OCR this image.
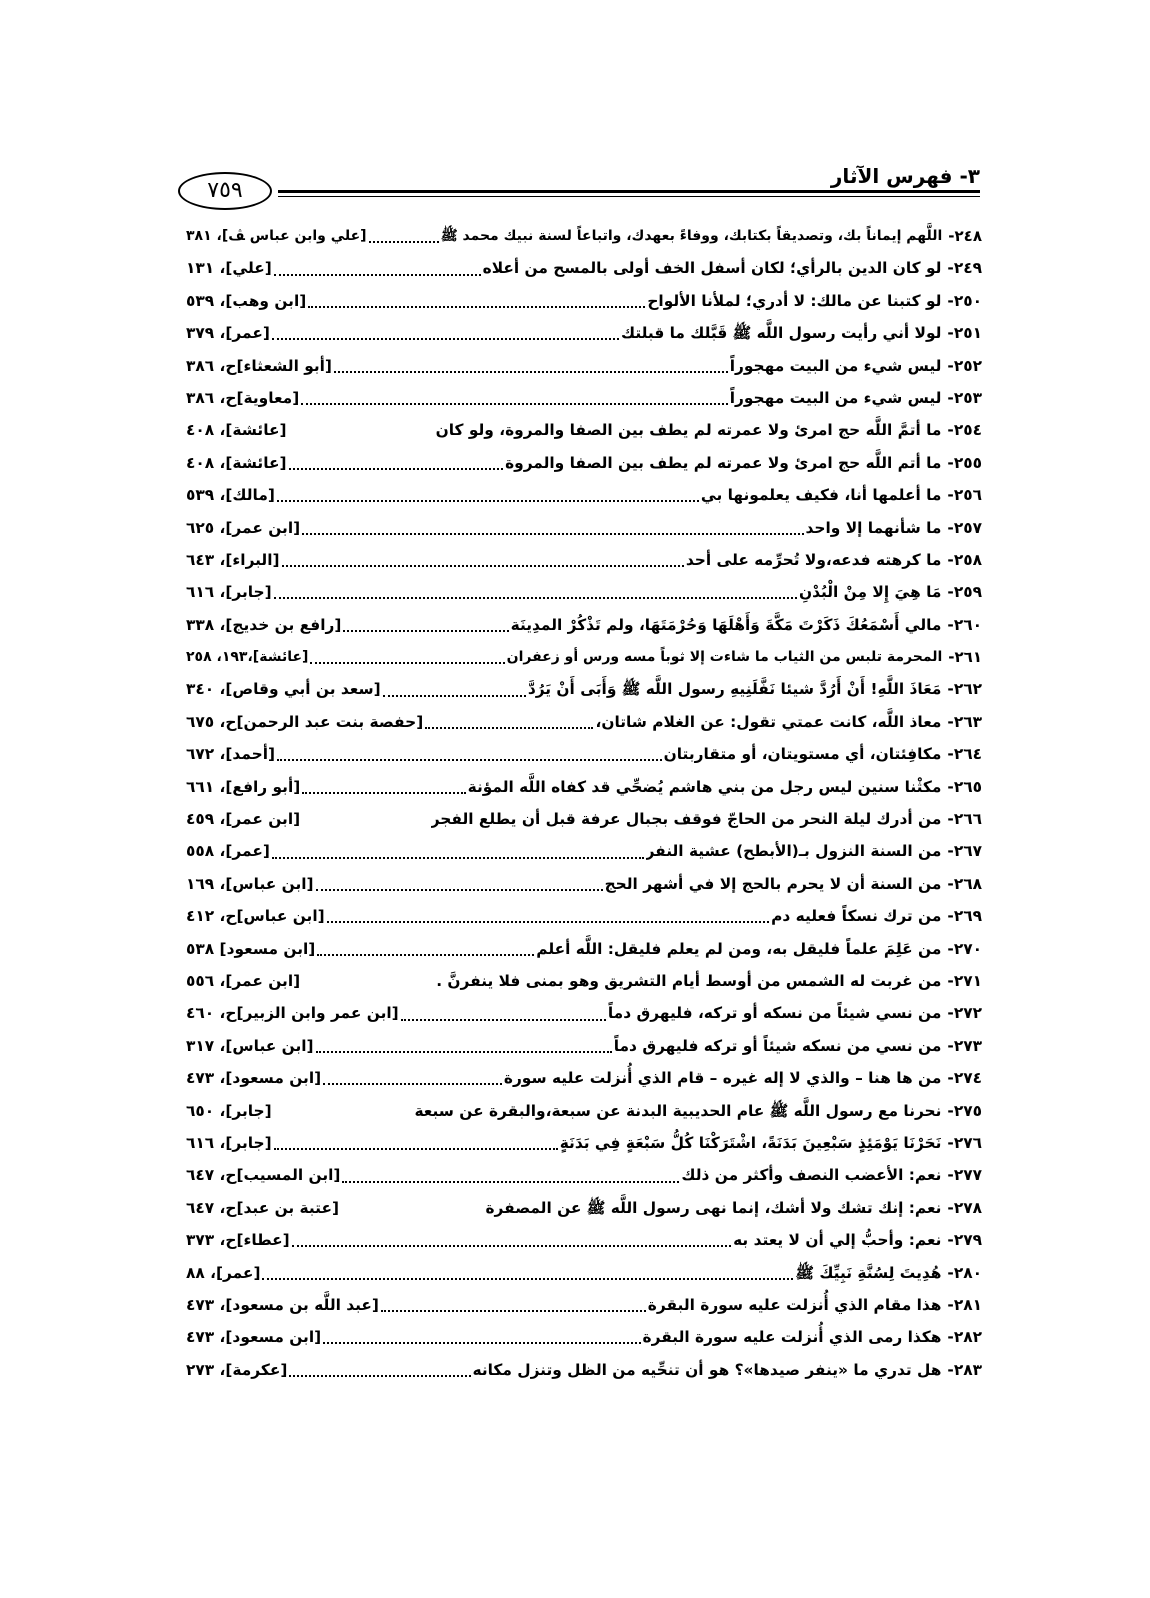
٣- فهرس الآثار
٧٥٩
٢٤٨-
اللَّهم إيماناً بك، وتصديقاً بكتابك، ووفاءً بعهدك، واتباعاً لسنة نبيك محمد ﷺ
[علي وابن عباس ﭫ]، ٣٨١
٢٤٩-
لو كان الدين بالرأي؛ لكان أسفل الخف أولى بالمسح من أعلاه
[علي]، ١٣١
٢٥٠-
لو كتبنا عن مالك: لا أدري؛ لملأنا الألواح
[ابن وهب]، ٥٣٩
٢٥١-
لولا أني رأيت رسول اللَّه ﷺ قَبَّلك ما قبلتك
[عمر]، ٣٧٩
٢٥٢-
ليس شيء من البيت مهجوراً
[أبو الشعثاء]ح، ٣٨٦
٢٥٣-
ليس شيء من البيت مهجوراً
[معاوية]ح، ٣٨٦
٢٥٤-
ما أتمَّ اللَّه حج امرئ ولا عمرته لم يطف بين الصفا والمروة، ولو كان
[عائشة]، ٤٠٨
٢٥٥-
ما أتم اللَّه حج امرئ ولا عمرته لم يطف بين الصفا والمروة
[عائشة]، ٤٠٨
٢٥٦-
ما أعلمها أنا، فكيف يعلمونها بي
[مالك]، ٥٣٩
٢٥٧-
ما شأنهما إلا واحد
[ابن عمر]، ٦٢٥
٢٥٨-
ما كرهته فدعه،ولا تُحرِّمه على أحد
[البراء]، ٦٤٣
٢٥٩-
مَا هِيَ إِلا مِنْ الْبُدْنِ
[جابر]، ٦١٦
٢٦٠-
مالي أَسْمَعُكَ ذَكَرْتَ مَكَّةَ وَأَهْلَهَا وَحُرْمَتَهَا، ولم تَذْكُرْ المدِينَة
[رافع بن خديج]، ٣٣٨
٢٦١-
المحرمة تلبس من الثياب ما شاءت إلا ثوباً مسه ورس أو زعفران
[عائشة]،١٩٣، ٢٥٨
٢٦٢-
مَعَاذَ اللَّهِ! أَنْ أَرُدَّ شيئا نَفَّلَنِيهِ رسول اللَّه ﷺ وَأَبَى أَنْ يَرُدَّ
[سعد بن أبي وقاص]، ٣٤٠
٢٦٣-
معاذ اللَّه، كانت عمتي تقول: عن الغلام شاتان،
[حفصة بنت عبد الرحمن]ح، ٦٧٥
٢٦٤-
مكافِئتان، أي مستويتان، أو متقاربتان
[أحمد]، ٦٧٢
٢٦٥-
مكثْنا سنين ليس رجل من بني هاشم يُضحِّي قد كفاه اللَّه المؤنة
[أبو رافع]، ٦٦١
٢٦٦-
من أدرك ليلة النحر من الحاجّ فوقف بجبال عرفة قبل أن يطلع الفجر
[ابن عمر]، ٤٥٩
٢٦٧-
من السنة النزول بـ(الأبطح) عشية النفر
[عمر]، ٥٥٨
٢٦٨-
من السنة أن لا يحرم بالحج إلا في أشهر الحج
[ابن عباس]، ١٦٩
٢٦٩-
من ترك نسكاً فعليه دم
[ابن عباس]ح، ٤١٢
٢٧٠-
من عَلِمَ علماً فليقل به، ومن لم يعلم فليقل: اللَّه أعلم
[ابن مسعود] ٥٣٨
٢٧١-
من غربت له الشمس من أوسط أيام التشريق وهو بمنى فلا ينفرنَّ .
[ابن عمر]، ٥٥٦
٢٧٢-
من نسي شيئاً من نسكه أو تركه، فليهرق دماً
[ابن عمر وابن الزبير]ح، ٤٦٠
٢٧٣-
من نسي من نسكه شيئاً أو تركه فليهرق دماً
[ابن عباس]، ٣١٧
٢٧٤-
من ها هنا – والذي لا إله غيره – قام الذي أُنزلت عليه سورة
[ابن مسعود]، ٤٧٣
٢٧٥-
نحرنا مع رسول اللَّه ﷺ عام الحديبية البدنة عن سبعة،والبقرة عن سبعة
[جابر]، ٦٥٠
٢٧٦-
نَحَرْنَا يَوْمَئِذٍ سَبْعِينَ بَدَنَةً، اشْتَرَكْنَا كُلُّ سَبْعَةٍ فِي بَدَنَةٍ
[جابر]، ٦١٦
٢٧٧-
نعم: الأعضب النصف وأكثر من ذلك
[ابن المسيب]ح، ٦٤٧
٢٧٨-
نعم: إنك تشك ولا أشك، إنما نهى رسول اللَّه ﷺ عن المصفرة
[عتبة بن عبد]ح، ٦٤٧
٢٧٩-
نعم: وأحبُّ إلي أن لا يعتد به
[عطاء]ح، ٣٧٣
٢٨٠-
هُدِيتَ لِسُنَّةِ نَبِيِّكَ ﷺ
[عمر]، ٨٨
٢٨١-
هذا مقام الذي أُنزلت عليه سورة البقرة
[عبد اللَّه بن مسعود]، ٤٧٣
٢٨٢-
هكذا رمى الذي أُنزلت عليه سورة البقرة
[ابن مسعود]، ٤٧٣
٢٨٣-
هل تدري ما «ينفر صيدها»؟ هو أن تنحِّيه من الظل وتنزل مكانه
[عكرمة]، ٢٧٣
